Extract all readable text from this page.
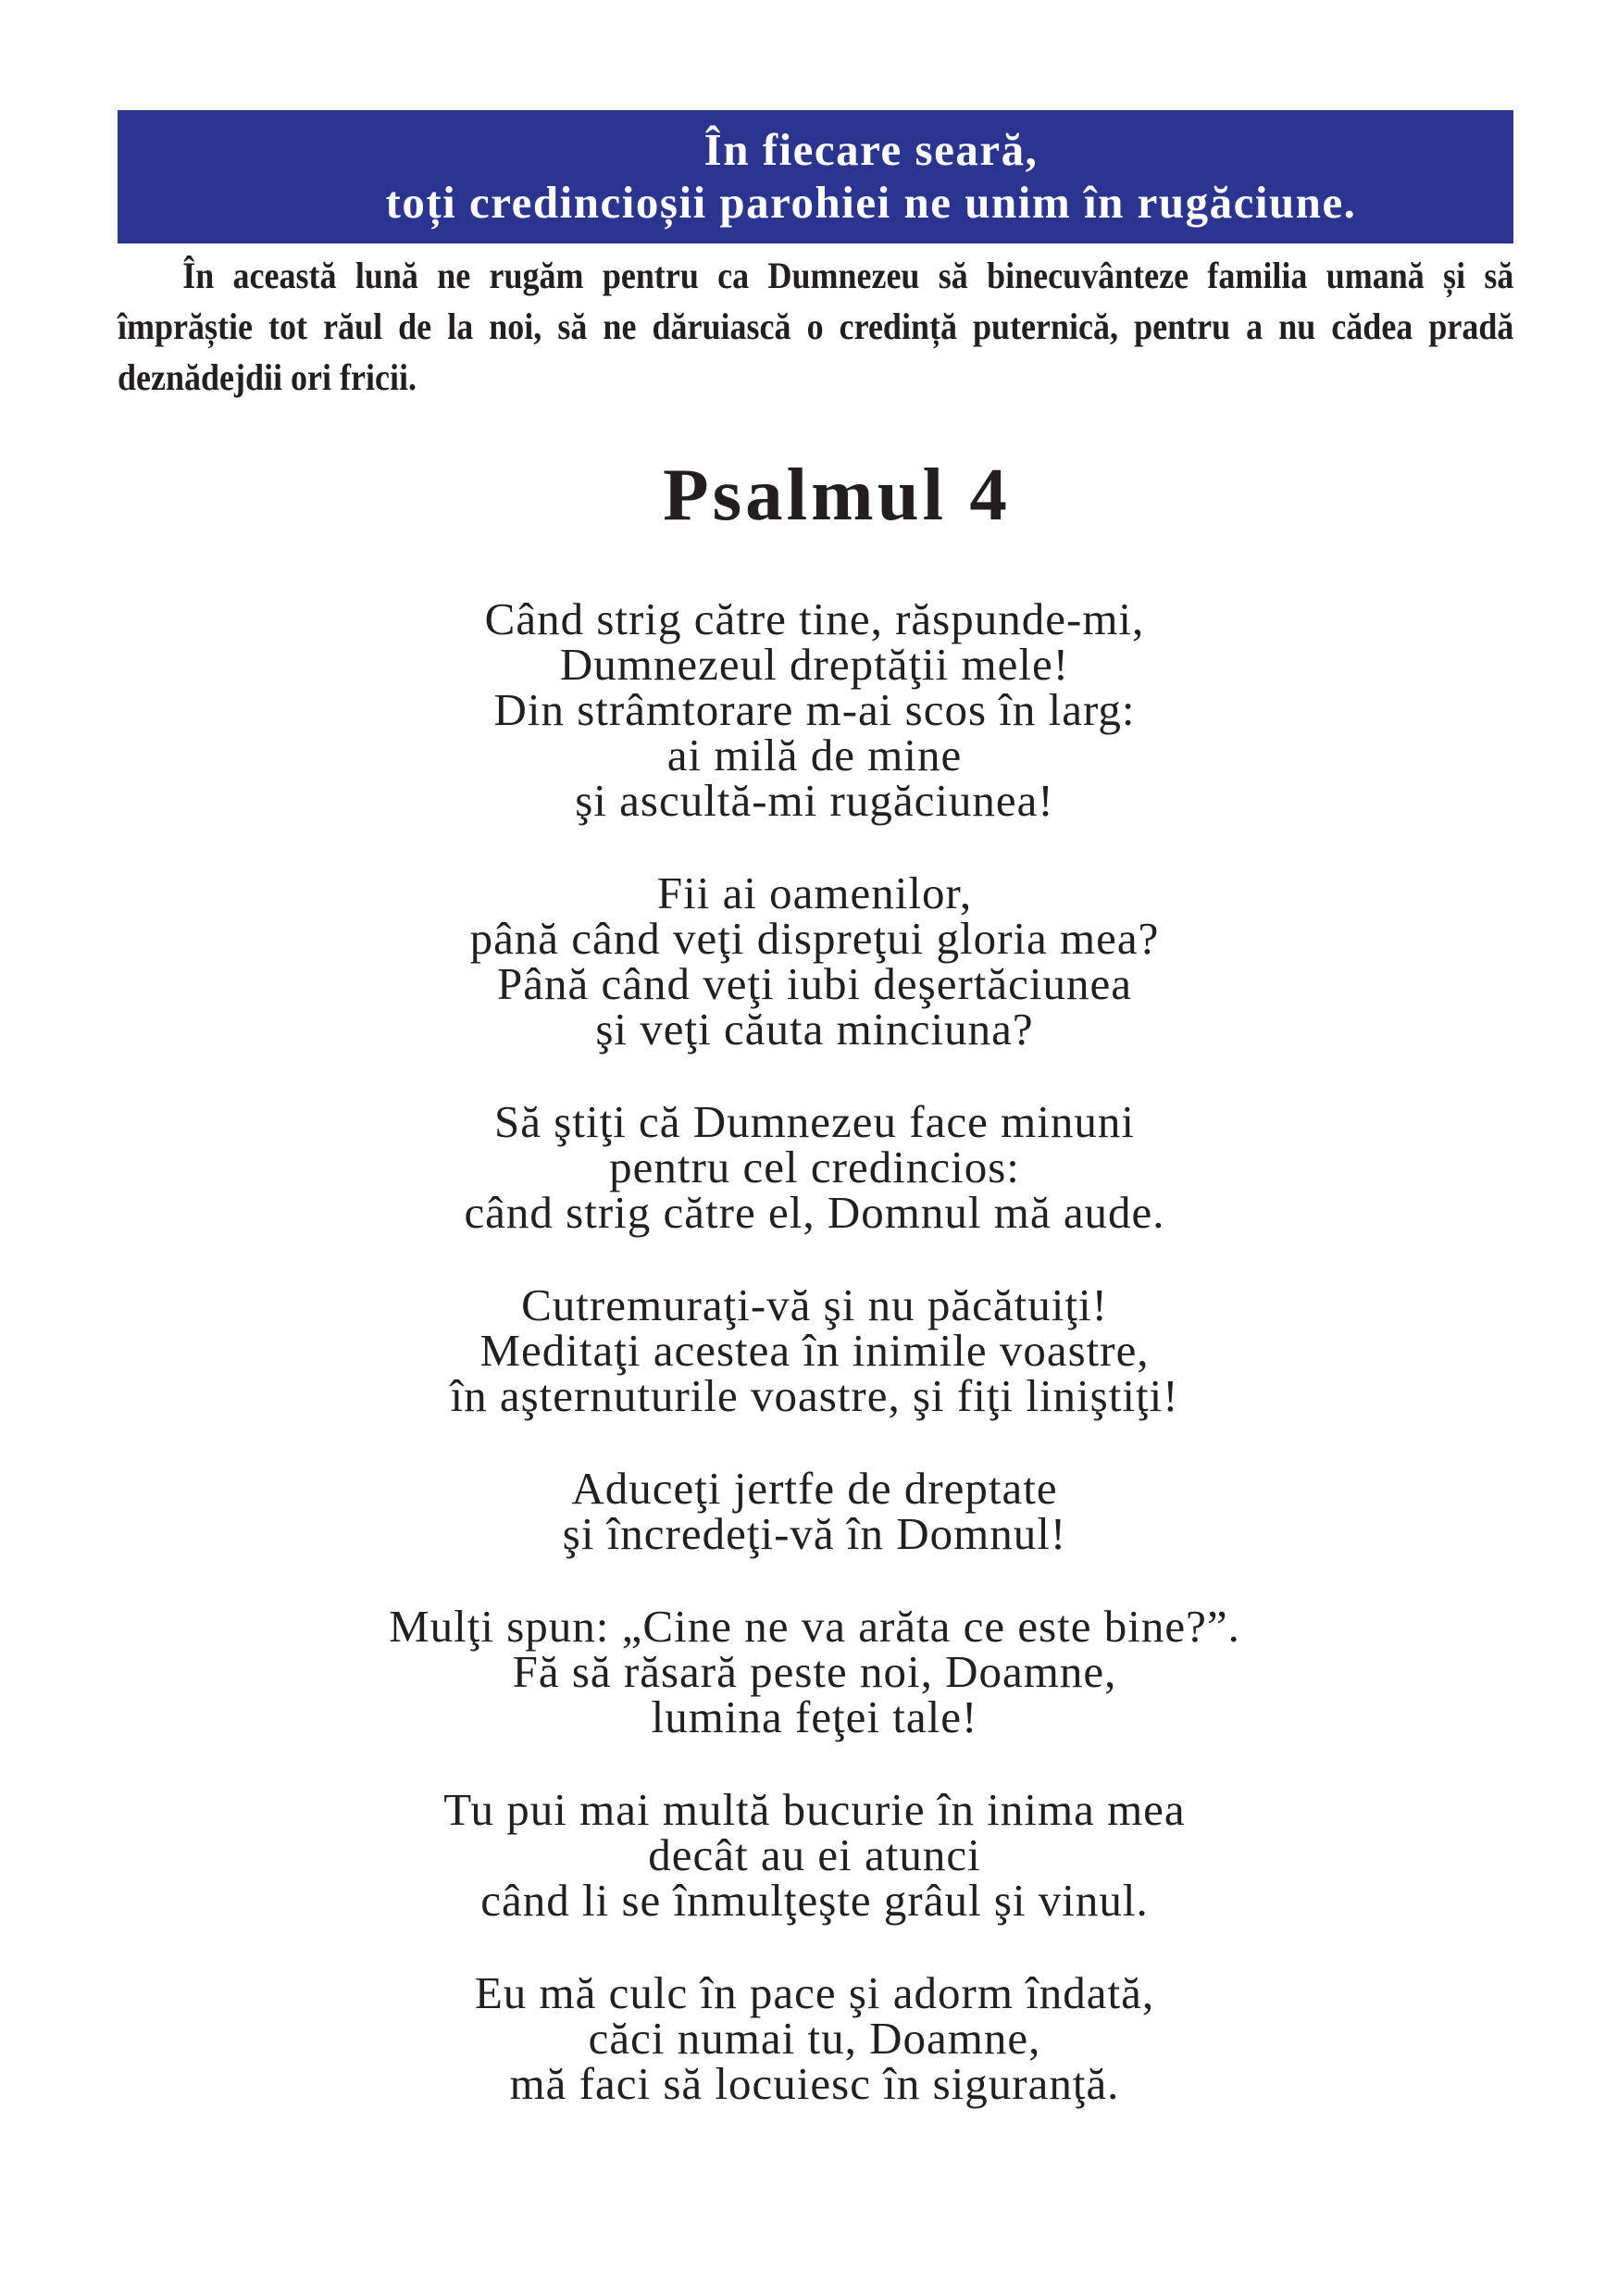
În fiecare seară,
toți credincioșii parohiei ne unim în rugăciune.

În această lună ne rugăm pentru ca Dumnezeu să binecuvânteze familia umană și să împrăștie tot răul de la noi, să ne dăruiască o credință puternică, pentru a nu cădea pradă deznădejdii ori fricii.

Psalmul 4
Când strig către tine, răspunde-mi,
Dumnezeul dreptăţii mele!
Din strâmtorare m-ai scos în larg:
ai milă de mine
şi ascultă-mi rugăciunea!
Fii ai oamenilor,
până când veţi dispreţui gloria mea?
Până când veţi iubi deşertăciunea
şi veţi căuta minciuna?
Să ştiţi că Dumnezeu face minuni
pentru cel credincios:
când strig către el, Domnul mă aude.
Cutremuraţi-vă şi nu păcătuiţi!
Meditaţi acestea în inimile voastre,
în aşternuturile voastre, şi fiţi liniştiţi!
Aduceţi jertfe de dreptate
şi încredeţi-vă în Domnul!
Mulţi spun: „Cine ne va arăta ce este bine?”.
Fă să răsară peste noi, Doamne,
lumina feţei tale!
Tu pui mai multă bucurie în inima mea
decât au ei atunci
când li se înmulţeşte grâul şi vinul.
Eu mă culc în pace şi adorm îndată,
căci numai tu, Doamne,
mă faci să locuiesc în siguranţă.
